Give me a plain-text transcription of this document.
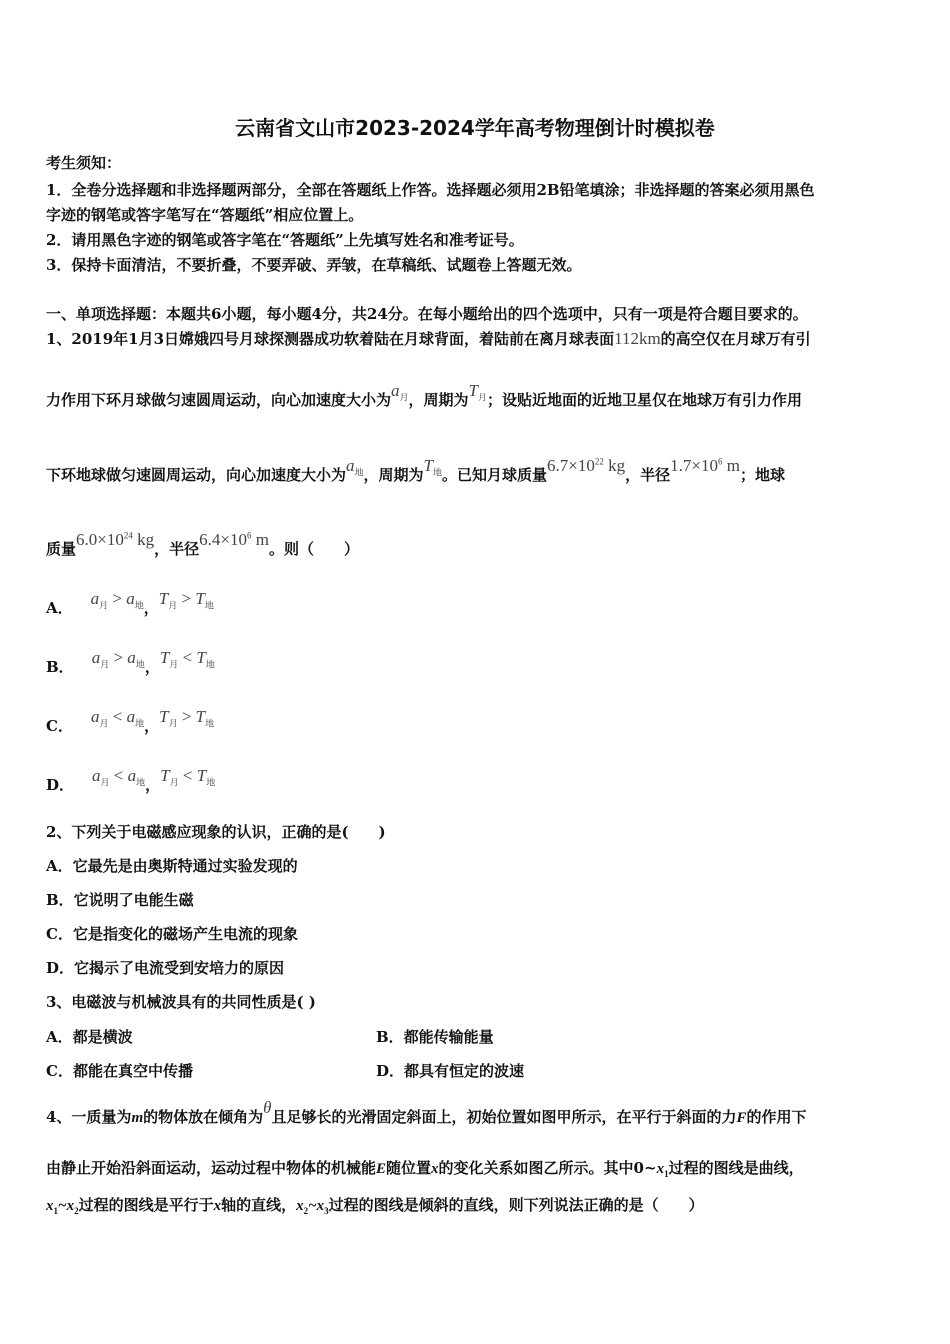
云南省文山市2023-2024学年高考物理倒计时模拟卷
考生须知：
1．全卷分选择题和非选择题两部分，全部在答题纸上作答。选择题必须用2B铅笔填涂；非选择题的答案必须用黑色
字迹的钢笔或答字笔写在“答题纸”相应位置上。
2．请用黑色字迹的钢笔或答字笔在“答题纸”上先填写姓名和准考证号。
3．保持卡面清洁，不要折叠，不要弄破、弄皱，在草稿纸、试题卷上答题无效。
一、单项选择题：本题共6小题，每小题4分，共24分。在每小题给出的四个选项中，只有一项是符合题目要求的。
1、2019年1月3日嫦娥四号月球探测器成功软着陆在月球背面，着陆前在离月球表面112km的高空仅在月球万有引
力作用下环月球做匀速圆周运动，向心加速度大小为$a_月$，周期为$T_月$；设贴近地面的近地卫星仅在地球万有引力作用
下环地球做匀速圆周运动，向心加速度大小为$a_地$，周期为$T_地$。已知月球质量$6.7\times 10^{22}$ kg，半径$1.7\times 10^6$ m；地球
质量$6.0\times 10^{24}$ kg，半径$6.4\times 10^6$ m。则（　　）
A． $a_月 > a_地$，$T_月 > T_地$
B． $a_月 > a_地$，$T_月 < T_地$
C． $a_月 < a_地$，$T_月 > T_地$
D． $a_月 < a_地$，$T_月 < T_地$
2、下列关于电磁感应现象的认识，正确的是(　　)
A．它最先是由奥斯特通过实验发现的
B．它说明了电能生磁
C．它是指变化的磁场产生电流的现象
D．它揭示了电流受到安培力的原因
3、电磁波与机械波具有的共同性质是( )
A．都是横波	B．都能传输能量
C．都能在真空中传播	D．都具有恒定的波速
4、一质量为m的物体放在倾角为θ且足够长的光滑固定斜面上，初始位置如图甲所示，在平行于斜面的力F的作用下
由静止开始沿斜面运动，运动过程中物体的机械能E随位置x的变化关系如图乙所示。其中$0\sim x_1$过程的图线是曲线，
$x_1\sim x_2$过程的图线是平行于x轴的直线，$x_2\sim x_3$过程的图线是倾斜的直线，则下列说法正确的是（　　）
